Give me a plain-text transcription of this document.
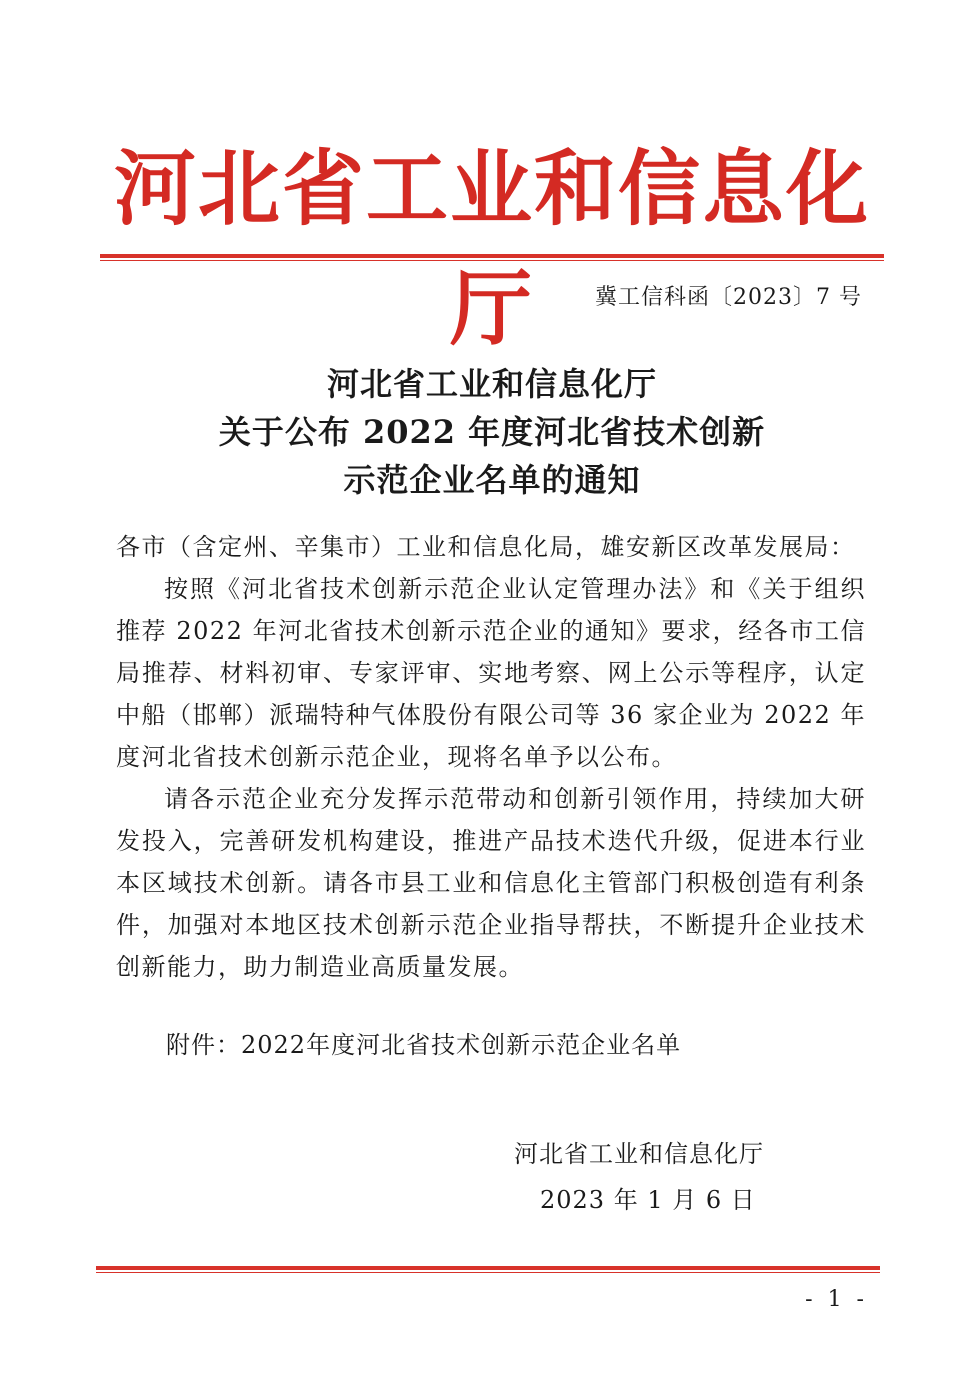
河北省工业和信息化厅	冀工信科函〔2023〕7 号
河北省工业和信息化厅
关于公布 2022 年度河北省技术创新
示范企业名单的通知

各市（含定州、辛集市）工业和信息化局，雄安新区改革发展局：

按照《河北省技术创新示范企业认定管理办法》和《关于组织推荐 2022 年河北省技术创新示范企业的通知》要求，经各市工信局推荐、材料初审、专家评审、实地考察、网上公示等程序，认定中船（邯郸）派瑞特种气体股份有限公司等 36 家企业为 2022 年度河北省技术创新示范企业，现将名单予以公布。

请各示范企业充分发挥示范带动和创新引领作用，持续加大研发投入，完善研发机构建设，推进产品技术迭代升级，促进本行业本区域技术创新。请各市县工业和信息化主管部门积极创造有利条件，加强对本地区技术创新示范企业指导帮扶，不断提升企业技术创新能力，助力制造业高质量发展。

附件：2022年度河北省技术创新示范企业名单
河北省工业和信息化厅
2023 年 1 月 6 日
- 1 -
